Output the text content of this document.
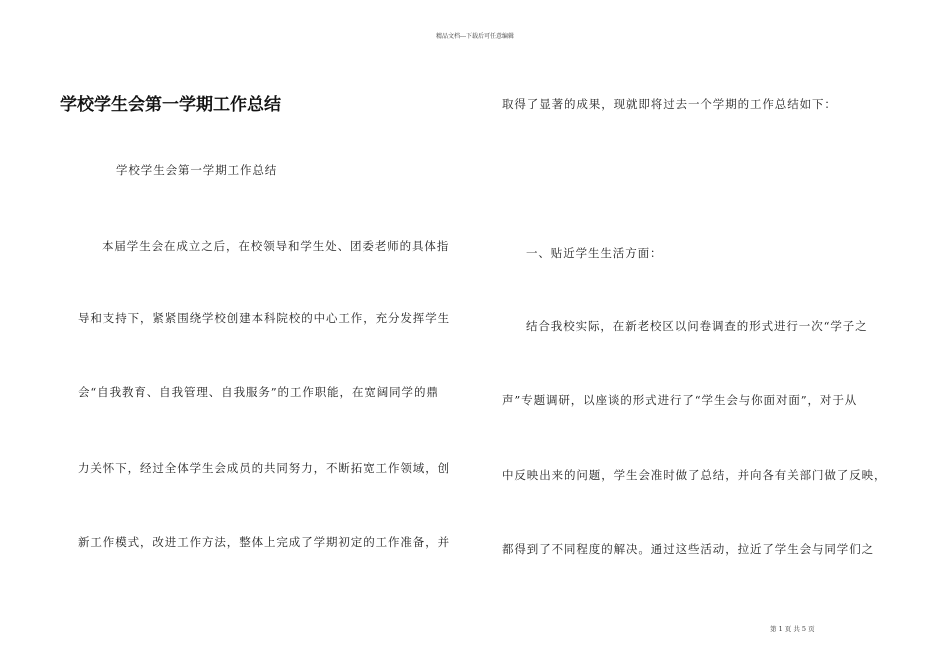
精品文档---下载后可任意编辑
学校学生会第一学期工作总结
学校学生会第一学期工作总结
本届学生会在成立之后，在校领导和学生处、团委老师的具体指
导和支持下，紧紧围绕学校创建本科院校的中心工作，充分发挥学生
会“自我教育、自我管理、自我服务”的工作职能，在宽阔同学的鼎
力关怀下，经过全体学生会成员的共同努力，不断拓宽工作领域，创
新工作模式，改进工作方法，整体上完成了学期初定的工作准备，并
取得了显著的成果，现就即将过去一个学期的工作总结如下：
一、贴近学生生活方面：
结合我校实际，在新老校区以问卷调查的形式进行一次“学子之
声”专题调研，以座谈的形式进行了“学生会与你面对面”，对于从
中反映出来的问题，学生会准时做了总结，并向各有关部门做了反映，
都得到了不同程度的解决。通过这些活动，拉近了学生会与同学们之
第 1 页 共 5 页
